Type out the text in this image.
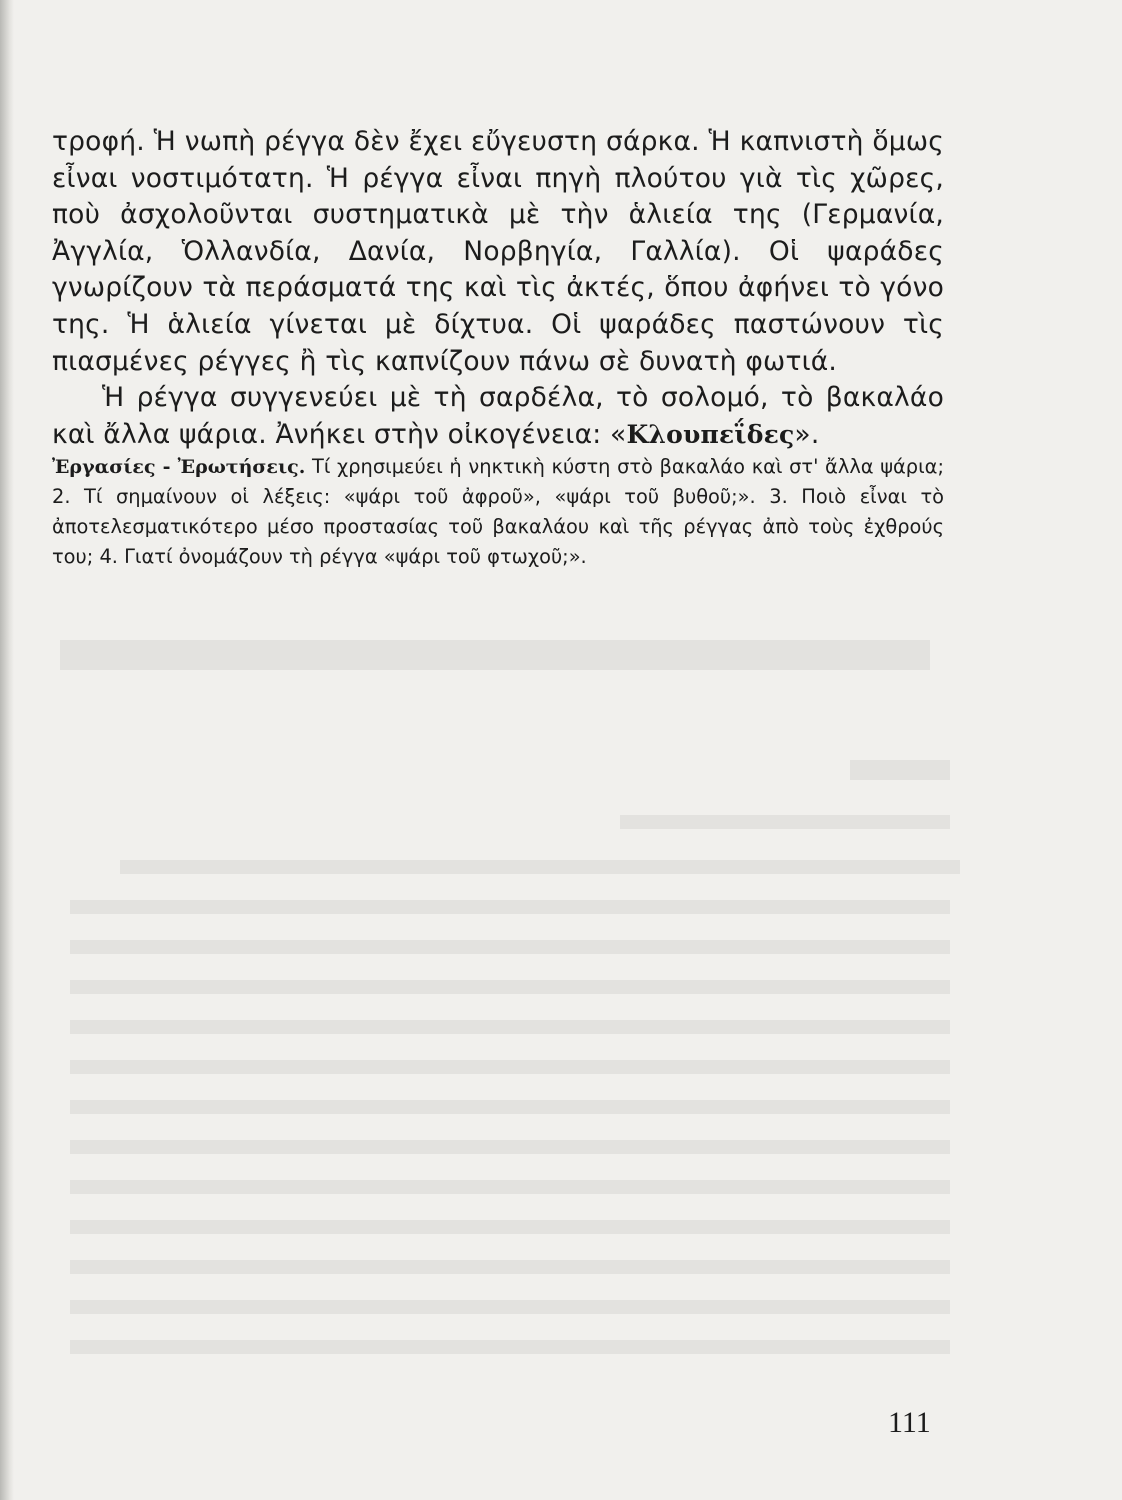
τροφή. Ἡ νωπὴ ρέγγα δὲν ἔχει εὔγευστη σάρκα. Ἡ καπνιστὴ ὅμως εἶναι νοστιμότατη. Ἡ ρέγγα εἶναι πηγὴ πλούτου γιὰ τὶς χῶρες, ποὺ ἀσχολοῦνται συστηματικὰ μὲ τὴν ἁλιεία της (Γερμανία, Ἀγγλία, Ὁλλανδία, Δανία, Νορβηγία, Γαλλία). Οἱ ψαράδες γνωρίζουν τὰ περάσματά της καὶ τὶς ἀκτές, ὅπου ἀφήνει τὸ γόνο της. Ἡ ἁλιεία γίνεται μὲ δίχτυα. Οἱ ψαράδες παστώνουν τὶς πιασμένες ρέγγες ἢ τὶς καπνίζουν πάνω σὲ δυνατὴ φωτιά.

Ἡ ρέγγα συγγενεύει μὲ τὴ σαρδέλα, τὸ σολομό, τὸ βακαλάο καὶ ἄλλα ψάρια. Ἀνήκει στὴν οἰκογένεια: «Κλουπεΐδες».

Ἐργασίες - Ἐρωτήσεις. Τί χρησιμεύει ἡ νηκτικὴ κύστη στὸ βακαλάο καὶ στ' ἄλλα ψάρια; 2. Τί σημαίνουν οἱ λέξεις: «ψάρι τοῦ ἀφροῦ», «ψάρι τοῦ βυθοῦ;». 3. Ποιὸ εἶναι τὸ ἀποτελεσματικότερο μέσο προστασίας τοῦ βακαλάου καὶ τῆς ρέγγας ἀπὸ τοὺς ἐχθρούς του; 4. Γιατί ὀνομάζουν τὴ ρέγγα «ψάρι τοῦ φτωχοῦ;».

111
